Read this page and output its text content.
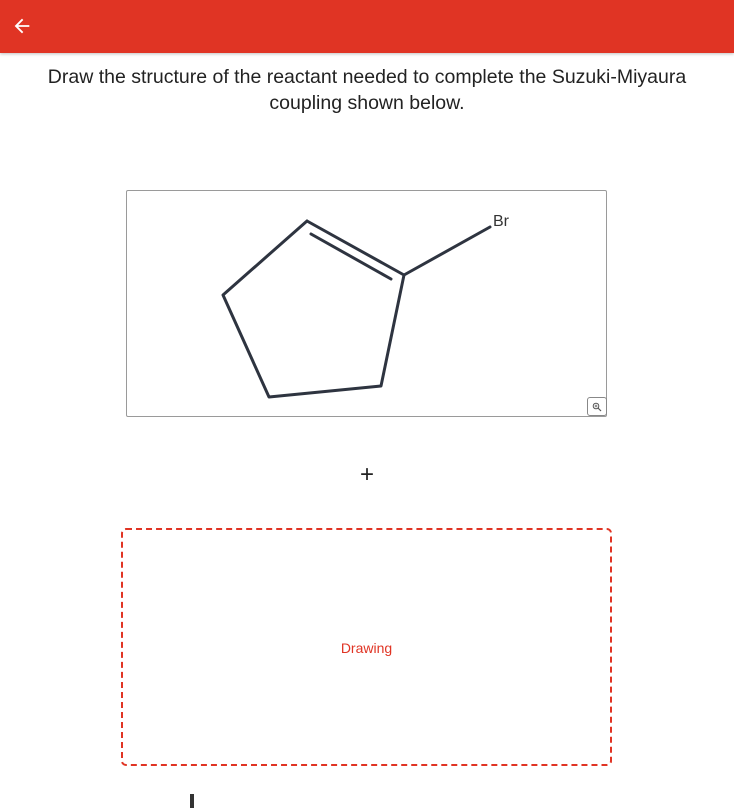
Draw the structure of the reactant needed to complete the Suzuki-Miyaura coupling shown below.
Br
+
Drawing
